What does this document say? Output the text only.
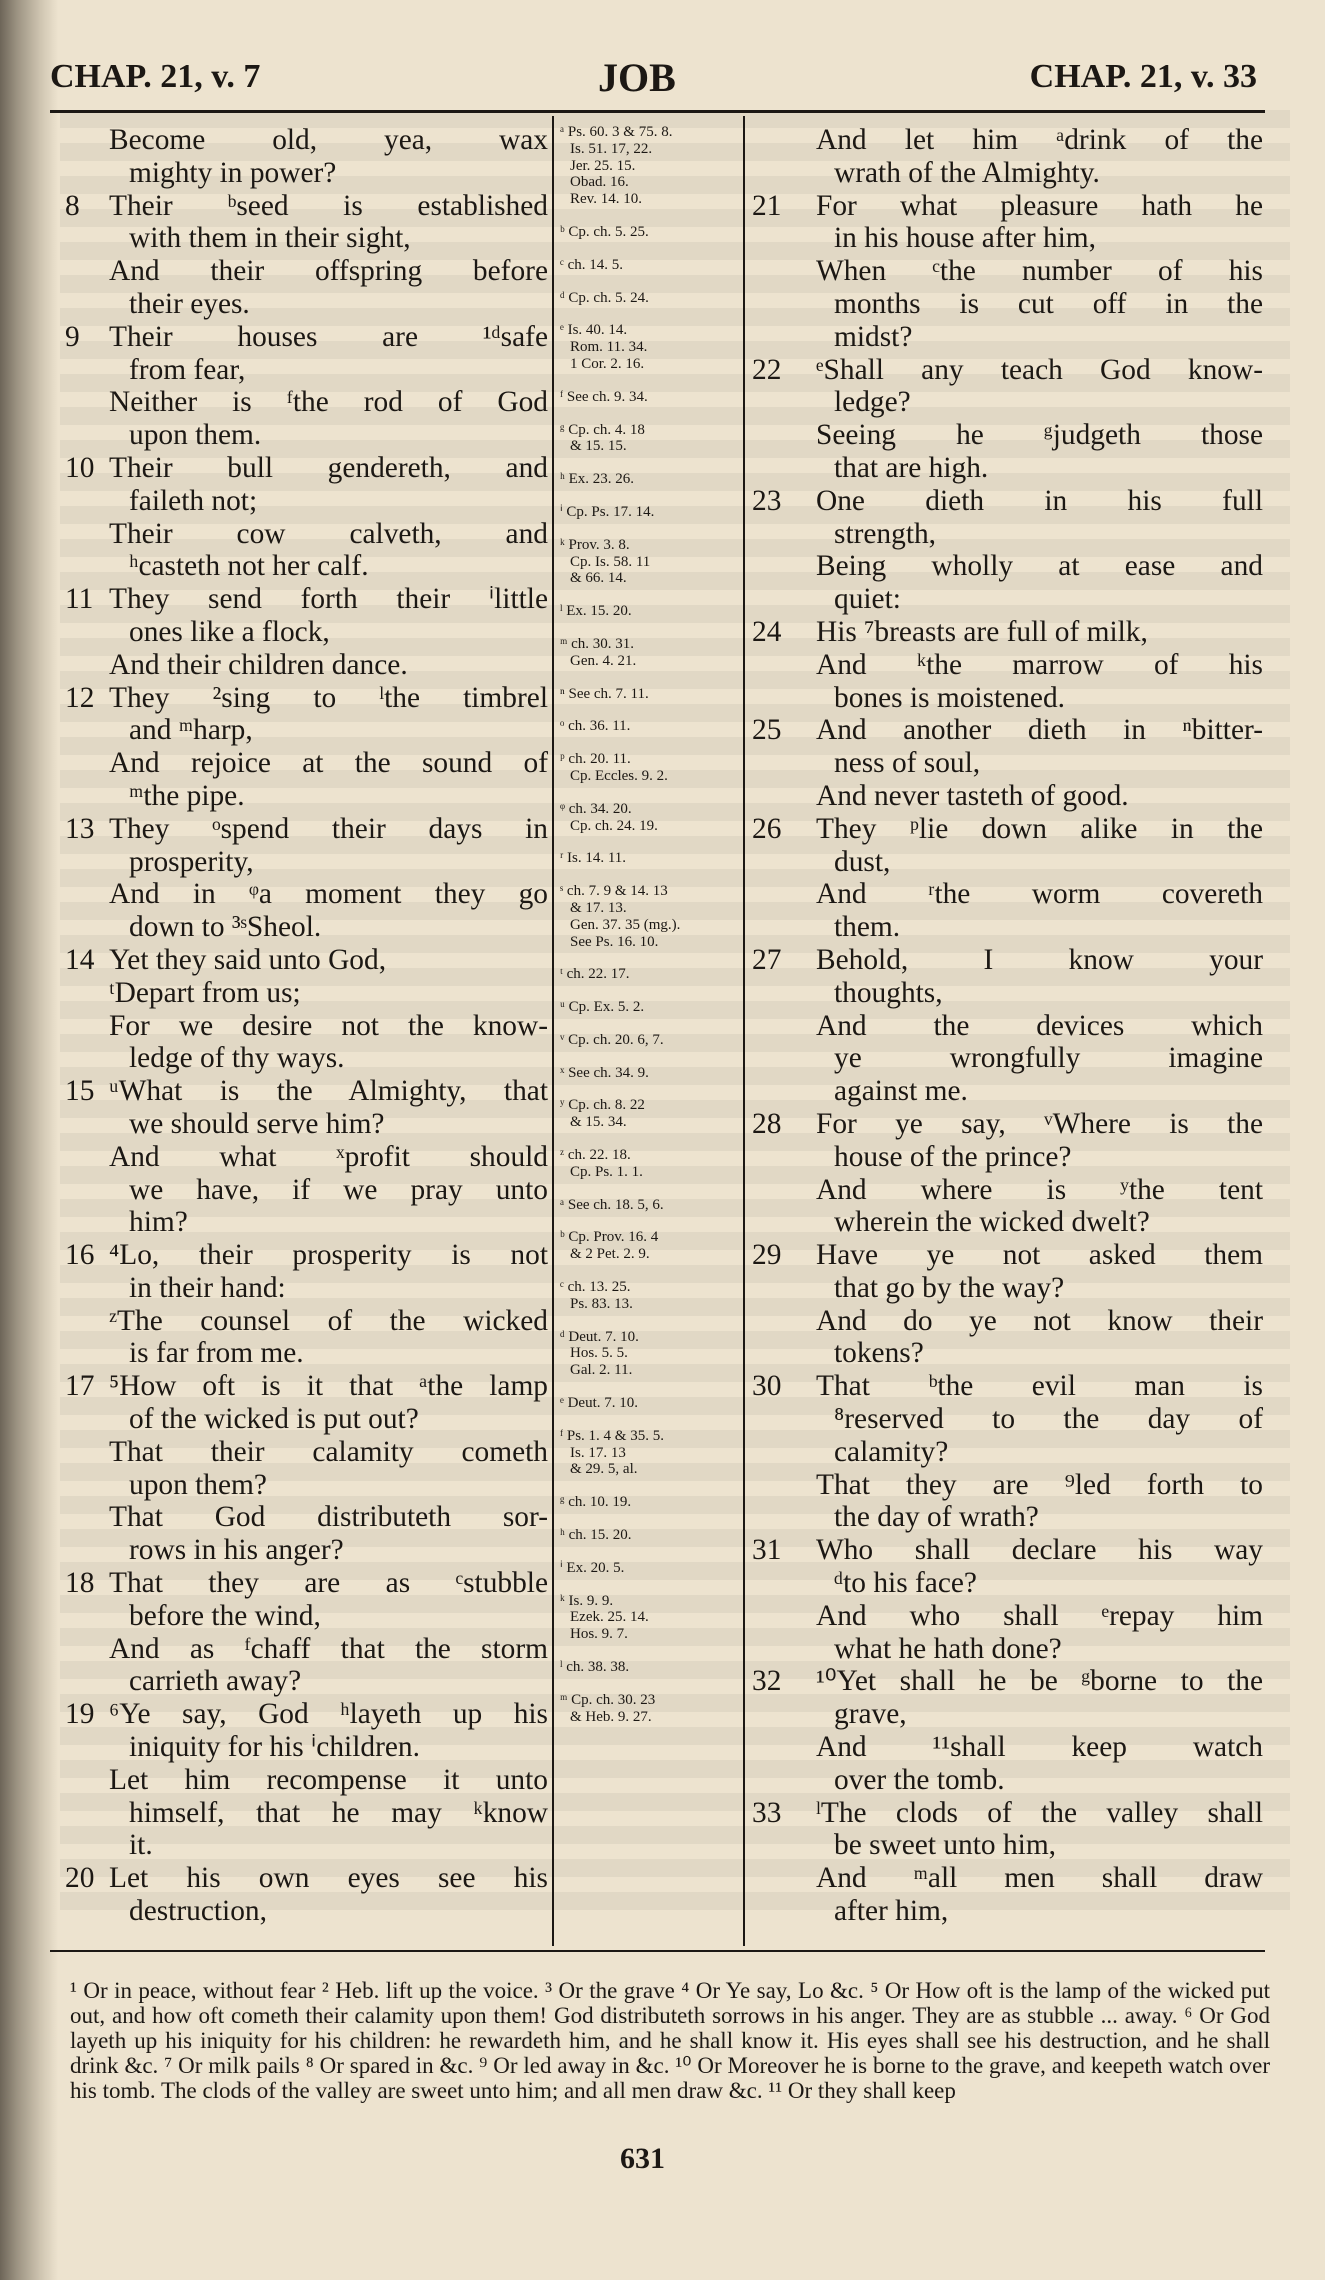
CHAP. 21, v. 7	JOB	CHAP. 21, v. 33
Become old, yea, wax
mighty in power?
8 Their ᵇseed is established
with them in their sight,
And their offspring before
their eyes.
9 Their houses are ¹ᵈsafe
from fear,
Neither is ᶠthe rod of God
upon them.
10 Their bull gendereth, and
faileth not;
Their cow calveth, and
ʰcasteth not her calf.
11 They send forth their ⁱlittle
ones like a flock,
And their children dance.
12 They ²sing to ˡthe timbrel
and ᵐharp,
And rejoice at the sound of
ᵐthe pipe.
13 They ᵒspend their days in
prosperity,
And in ᵠa moment they go
down to ³ˢSheol.
14 Yet they said unto God,
ᵗDepart from us;
For we desire not the know-
ledge of thy ways.
15 ᵘWhat is the Almighty, that
we should serve him?
And what ˣprofit should
we have, if we pray unto
him?
16 ⁴Lo, their prosperity is not
in their hand:
ᶻThe counsel of the wicked
is far from me.
17 ⁵How oft is it that ᵃthe lamp
of the wicked is put out?
That their calamity cometh
upon them?
That God distributeth sor-
rows in his anger?
18 That they are as ᶜstubble
before the wind,
And as ᶠchaff that the storm
carrieth away?
19 ⁶Ye say, God ʰlayeth up his
iniquity for his ⁱchildren.
Let him recompense it unto
himself, that he may ᵏknow
it.
20 Let his own eyes see his
destruction,
ᵃ Ps. 60. 3 & 75. 8.
Is. 51. 17, 22.
Jer. 25. 15.
Obad. 16.
Rev. 14. 10.
ᵇ Cp. ch. 5. 25.
ᶜ ch. 14. 5.
ᵈ Cp. ch. 5. 24.
ᵉ Is. 40. 14.
Rom. 11. 34.
1 Cor. 2. 16.
ᶠ See ch. 9. 34.
ᵍ Cp. ch. 4. 18
& 15. 15.
ʰ Ex. 23. 26.
ⁱ Cp. Ps. 17. 14.
ᵏ Prov. 3. 8.
Cp. Is. 58. 11
& 66. 14.
ˡ Ex. 15. 20.
ᵐ ch. 30. 31.
Gen. 4. 21.
ⁿ See ch. 7. 11.
ᵒ ch. 36. 11.
ᵖ ch. 20. 11.
Cp. Eccles. 9. 2.
ᵠ ch. 34. 20.
Cp. ch. 24. 19.
ʳ Is. 14. 11.
ˢ ch. 7. 9 & 14. 13
& 17. 13.
Gen. 37. 35 (mg.).
See Ps. 16. 10.
ᵗ ch. 22. 17.
ᵘ Cp. Ex. 5. 2.
ᵛ Cp. ch. 20. 6, 7.
ˣ See ch. 34. 9.
ʸ Cp. ch. 8. 22
& 15. 34.
ᶻ ch. 22. 18.
Cp. Ps. 1. 1.
ᵃ See ch. 18. 5, 6.
ᵇ Cp. Prov. 16. 4
& 2 Pet. 2. 9.
ᶜ ch. 13. 25.
Ps. 83. 13.
ᵈ Deut. 7. 10.
Hos. 5. 5.
Gal. 2. 11.
ᵉ Deut. 7. 10.
ᶠ Ps. 1. 4 & 35. 5.
Is. 17. 13
& 29. 5, al.
ᵍ ch. 10. 19.
ʰ ch. 15. 20.
ⁱ Ex. 20. 5.
ᵏ Is. 9. 9.
Ezek. 25. 14.
Hos. 9. 7.
ˡ ch. 38. 38.
ᵐ Cp. ch. 30. 23
& Heb. 9. 27.
And let him ᵃdrink of the
wrath of the Almighty.
21	For what pleasure hath he
in his house after him,
When ᶜthe number of his
months is cut off in the
midst?
22	ᵉShall any teach God know-
ledge?
Seeing he ᵍjudgeth those
that are high.
23	One dieth in his full
strength,
Being wholly at ease and
quiet:
24	His ⁷breasts are full of milk,
And ᵏthe marrow of his
bones is moistened.
25	And another dieth in ⁿbitter-
ness of soul,
And never tasteth of good.
26	They ᵖlie down alike in the
dust,
And ʳthe worm covereth
them.
27	Behold, I know your
thoughts,
And the devices which
ye wrongfully imagine
against me.
28	For ye say, ᵛWhere is the
house of the prince?
And where is ʸthe tent
wherein the wicked dwelt?
29	Have ye not asked them
that go by the way?
And do ye not know their
tokens?
30	That ᵇthe evil man is
⁸reserved to the day of
calamity?
That they are ⁹led forth to
the day of wrath?
31	Who shall declare his way
ᵈto his face?
And who shall ᵉrepay him
what he hath done?
32	¹⁰Yet shall he be ᵍborne to the
grave,
And ¹¹shall keep watch
over the tomb.
33	ˡThe clods of the valley shall
be sweet unto him,
And ᵐall men shall draw
after him,
¹ Or in peace, without fear ² Heb. lift up the voice. ³ Or the grave ⁴ Or Ye say, Lo &c. ⁵ Or How oft is the lamp of the wicked put out, and how oft cometh their calamity upon them! God distributeth sorrows in his anger. They are as stubble ... away. ⁶ Or God layeth up his iniquity for his children: he rewardeth him, and he shall know it. His eyes shall see his destruction, and he shall drink &c. ⁷ Or milk pails ⁸ Or spared in &c. ⁹ Or led away in &c. ¹⁰ Or Moreover he is borne to the grave, and keepeth watch over his tomb. The clods of the valley are sweet unto him; and all men draw &c. ¹¹ Or they shall keep
631
